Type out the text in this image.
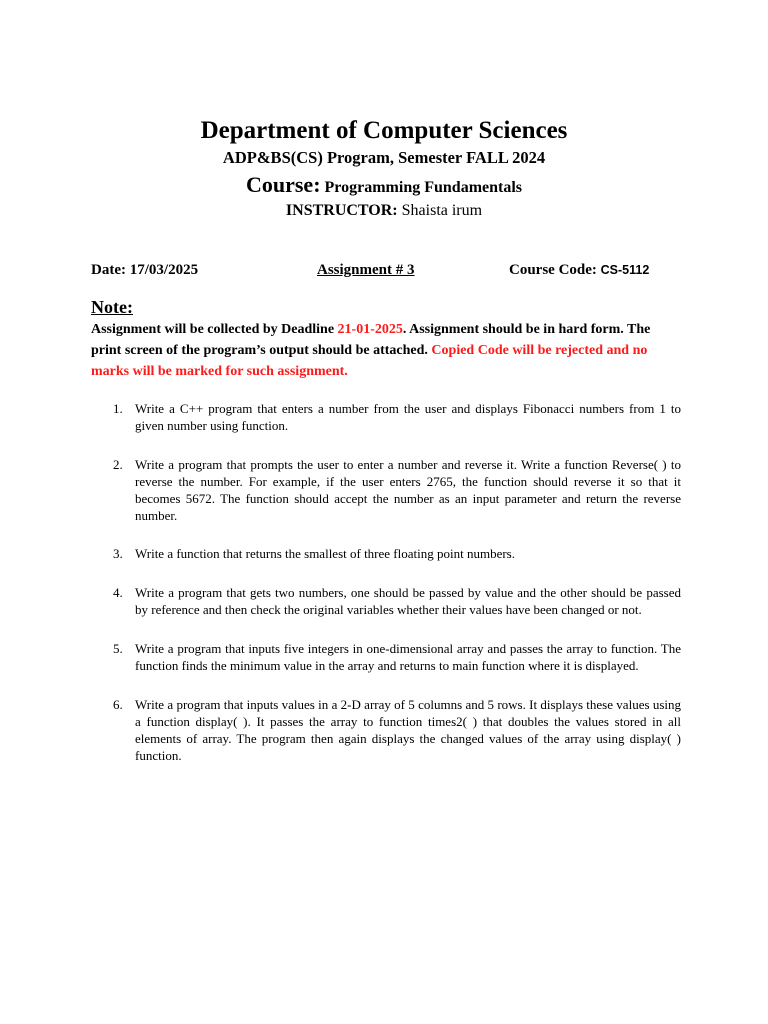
Department of Computer Sciences
ADP&BS(CS) Program, Semester FALL 2024
Course: Programming Fundamentals
INSTRUCTOR: Shaista irum
Date: 17/03/2025	Assignment # 3	Course Code: CS-5112
Note:
Assignment will be collected by Deadline 21-01-2025. Assignment should be in hard form. The print screen of the program’s output should be attached. Copied Code will be rejected and no marks will be marked for such assignment.
1. Write a C++ program that enters a number from the user and displays Fibonacci numbers from 1 to given number using function.
2. Write a program that prompts the user to enter a number and reverse it. Write a function Reverse( ) to reverse the number. For example, if the user enters 2765, the function should reverse it so that it becomes 5672. The function should accept the number as an input parameter and return the reverse number.
3. Write a function that returns the smallest of three floating point numbers.
4. Write a program that gets two numbers, one should be passed by value and the other should be passed by reference and then check the original variables whether their values have been changed or not.
5. Write a program that inputs five integers in one-dimensional array and passes the array to function. The function finds the minimum value in the array and returns to main function where it is displayed.
6. Write a program that inputs values in a 2-D array of 5 columns and 5 rows. It displays these values using a function display( ). It passes the array to function times2( ) that doubles the values stored in all elements of array. The program then again displays the changed values of the array using display( ) function.
